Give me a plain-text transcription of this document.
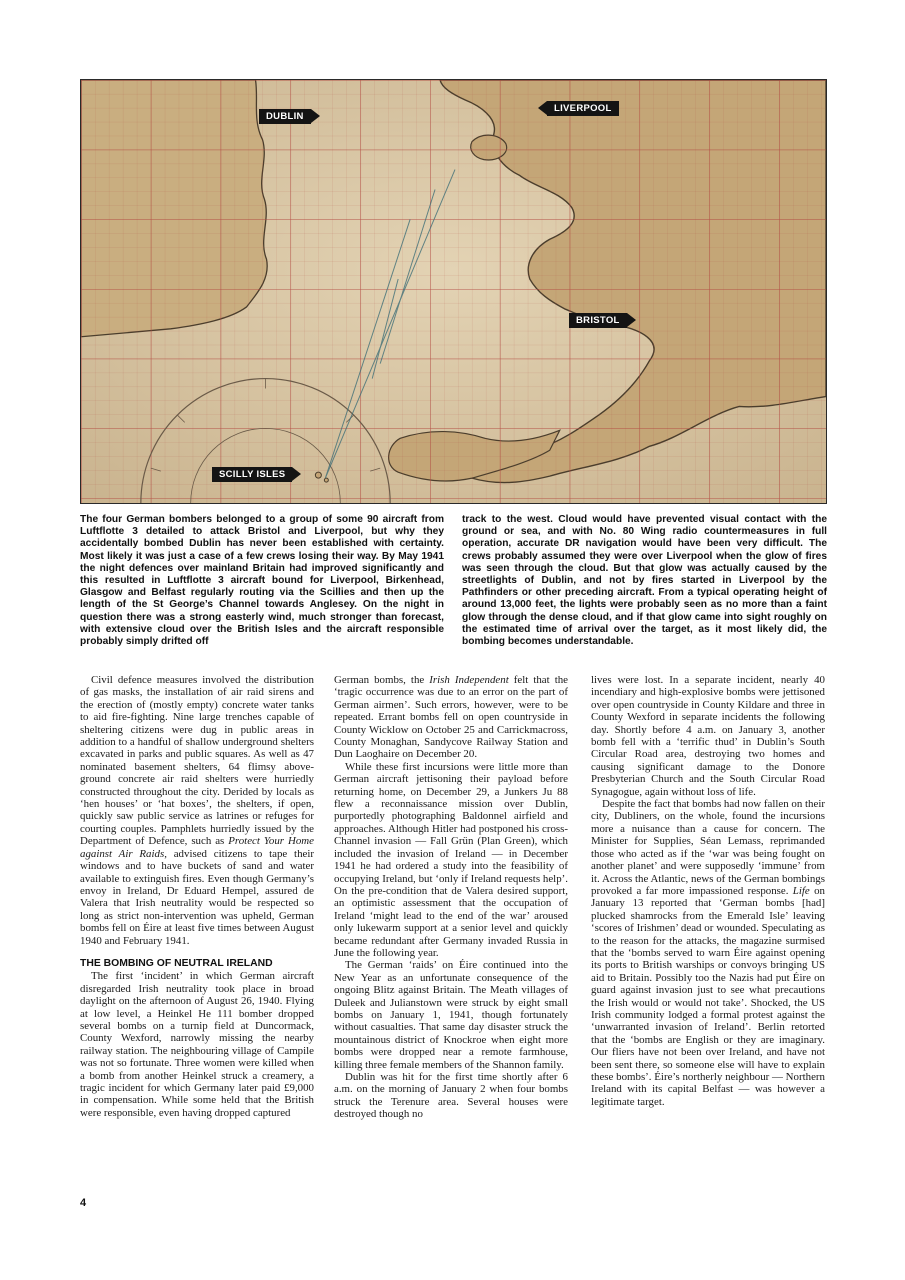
DUBLIN
LIVERPOOL
BRISTOL
SCILLY ISLES

The four German bombers belonged to a group of some 90 aircraft from Luftflotte 3 detailed to attack Bristol and Liverpool, but why they accidentally bombed Dublin has never been established with certainty. Most likely it was just a case of a few crews losing their way. By May 1941 the night defences over mainland Britain had improved significantly and this resulted in Luftflotte 3 aircraft bound for Liverpool, Birkenhead, Glasgow and Belfast regularly routing via the Scillies and then up the length of the St George’s Channel towards Anglesey. On the night in question there was a strong easterly wind, much stronger than forecast, with extensive cloud over the British Isles and the aircraft responsible probably simply drifted off

track to the west. Cloud would have prevented visual contact with the ground or sea, and with No. 80 Wing radio countermeasures in full operation, accurate DR navigation would have been very difficult. The crews probably assumed they were over Liverpool when the glow of fires was seen through the cloud. But that glow was actually caused by the streetlights of Dublin, and not by fires started in Liverpool by the Pathfinders or other preceding aircraft. From a typical operating height of around 13,000 feet, the lights were probably seen as no more than a faint glow through the dense cloud, and if that glow came into sight roughly on the estimated time of arrival over the target, as it most likely did, the bombing becomes understandable.

Civil defence measures involved the distribution of gas masks, the installation of air raid sirens and the erection of (mostly empty) concrete water tanks to aid fire-fighting. Nine large trenches capable of sheltering citizens were dug in public areas in addition to a handful of shallow underground shelters excavated in parks and public squares. As well as 47 nominated basement shelters, 64 flimsy above-ground concrete air raid shelters were hurriedly constructed throughout the city. Derided by locals as ‘hen houses’ or ‘hat boxes’, the shelters, if open, quickly saw public service as latrines or refuges for courting couples. Pamphlets hurriedly issued by the Department of Defence, such as Protect Your Home against Air Raids, advised citizens to tape their windows and to have buckets of sand and water available to extinguish fires. Even though Germany’s envoy in Ireland, Dr Eduard Hempel, assured de Valera that Irish neutrality would be respected so long as strict non-intervention was upheld, German bombs fell on Éire at least five times between August 1940 and February 1941.

THE BOMBING OF NEUTRAL IRELAND

The first ‘incident’ in which German aircraft disregarded Irish neutrality took place in broad daylight on the afternoon of August 26, 1940. Flying at low level, a Heinkel He 111 bomber dropped several bombs on a turnip field at Duncormack, County Wexford, narrowly missing the nearby railway station. The neighbouring village of Campile was not so fortunate. Three women were killed when a bomb from another Heinkel struck a creamery, a tragic incident for which Germany later paid £9,000 in compensation. While some held that the British were responsible, even having dropped captured

German bombs, the Irish Independent felt that the ‘tragic occurrence was due to an error on the part of German airmen’. Such errors, however, were to be repeated. Errant bombs fell on open countryside in County Wicklow on October 25 and Carrickmacross, County Monaghan, Sandycove Railway Station and Dun Laoghaire on December 20.

While these first incursions were little more than German aircraft jettisoning their payload before returning home, on December 29, a Junkers Ju 88 flew a reconnaissance mission over Dublin, purportedly photographing Baldonnel airfield and approaches. Although Hitler had postponed his cross-Channel invasion — Fall Grün (Plan Green), which included the invasion of Ireland — in December 1941 he had ordered a study into the feasibility of occupying Ireland, but ‘only if Ireland requests help’. On the pre-condition that de Valera desired support, an optimistic assessment that the occupation of Ireland ‘might lead to the end of the war’ aroused only lukewarm support at a senior level and quickly became redundant after Germany invaded Russia in June the following year.

The German ‘raids’ on Éire continued into the New Year as an unfortunate consequence of the ongoing Blitz against Britain. The Meath villages of Duleek and Julianstown were struck by eight small bombs on January 1, 1941, though fortunately without casualties. That same day disaster struck the mountainous district of Knockroe when eight more bombs were dropped near a remote farmhouse, killing three female members of the Shannon family.

Dublin was hit for the first time shortly after 6 a.m. on the morning of January 2 when four bombs struck the Terenure area. Several houses were destroyed though no

lives were lost. In a separate incident, nearly 40 incendiary and high-explosive bombs were jettisoned over open countryside in County Kildare and three in County Wexford in separate incidents the following day. Shortly before 4 a.m. on January 3, another bomb fell with a ‘terrific thud’ in Dublin’s South Circular Road area, destroying two homes and causing significant damage to the Donore Presbyterian Church and the South Circular Road Synagogue, again without loss of life.

Despite the fact that bombs had now fallen on their city, Dubliners, on the whole, found the incursions more a nuisance than a cause for concern. The Minister for Supplies, Séan Lemass, reprimanded those who acted as if the ‘war was being fought on another planet’ and were supposedly ‘immune’ from it. Across the Atlantic, news of the German bombings provoked a far more impassioned response. Life on January 13 reported that ‘German bombs [had] plucked shamrocks from the Emerald Isle’ leaving ‘scores of Irishmen’ dead or wounded. Speculating as to the reason for the attacks, the magazine surmised that the ‘bombs served to warn Éire against opening its ports to British warships or convoys bringing US aid to Britain. Possibly too the Nazis had put Éire on guard against invasion just to see what precautions the Irish would or would not take’. Shocked, the US Irish community lodged a formal protest against the ‘unwarranted invasion of Ireland’. Berlin retorted that the ‘bombs are English or they are imaginary. Our fliers have not been over Ireland, and have not been sent there, so someone else will have to explain these bombs’. Éire’s northerly neighbour — Northern Ireland with its capital Belfast — was however a legitimate target.

4
